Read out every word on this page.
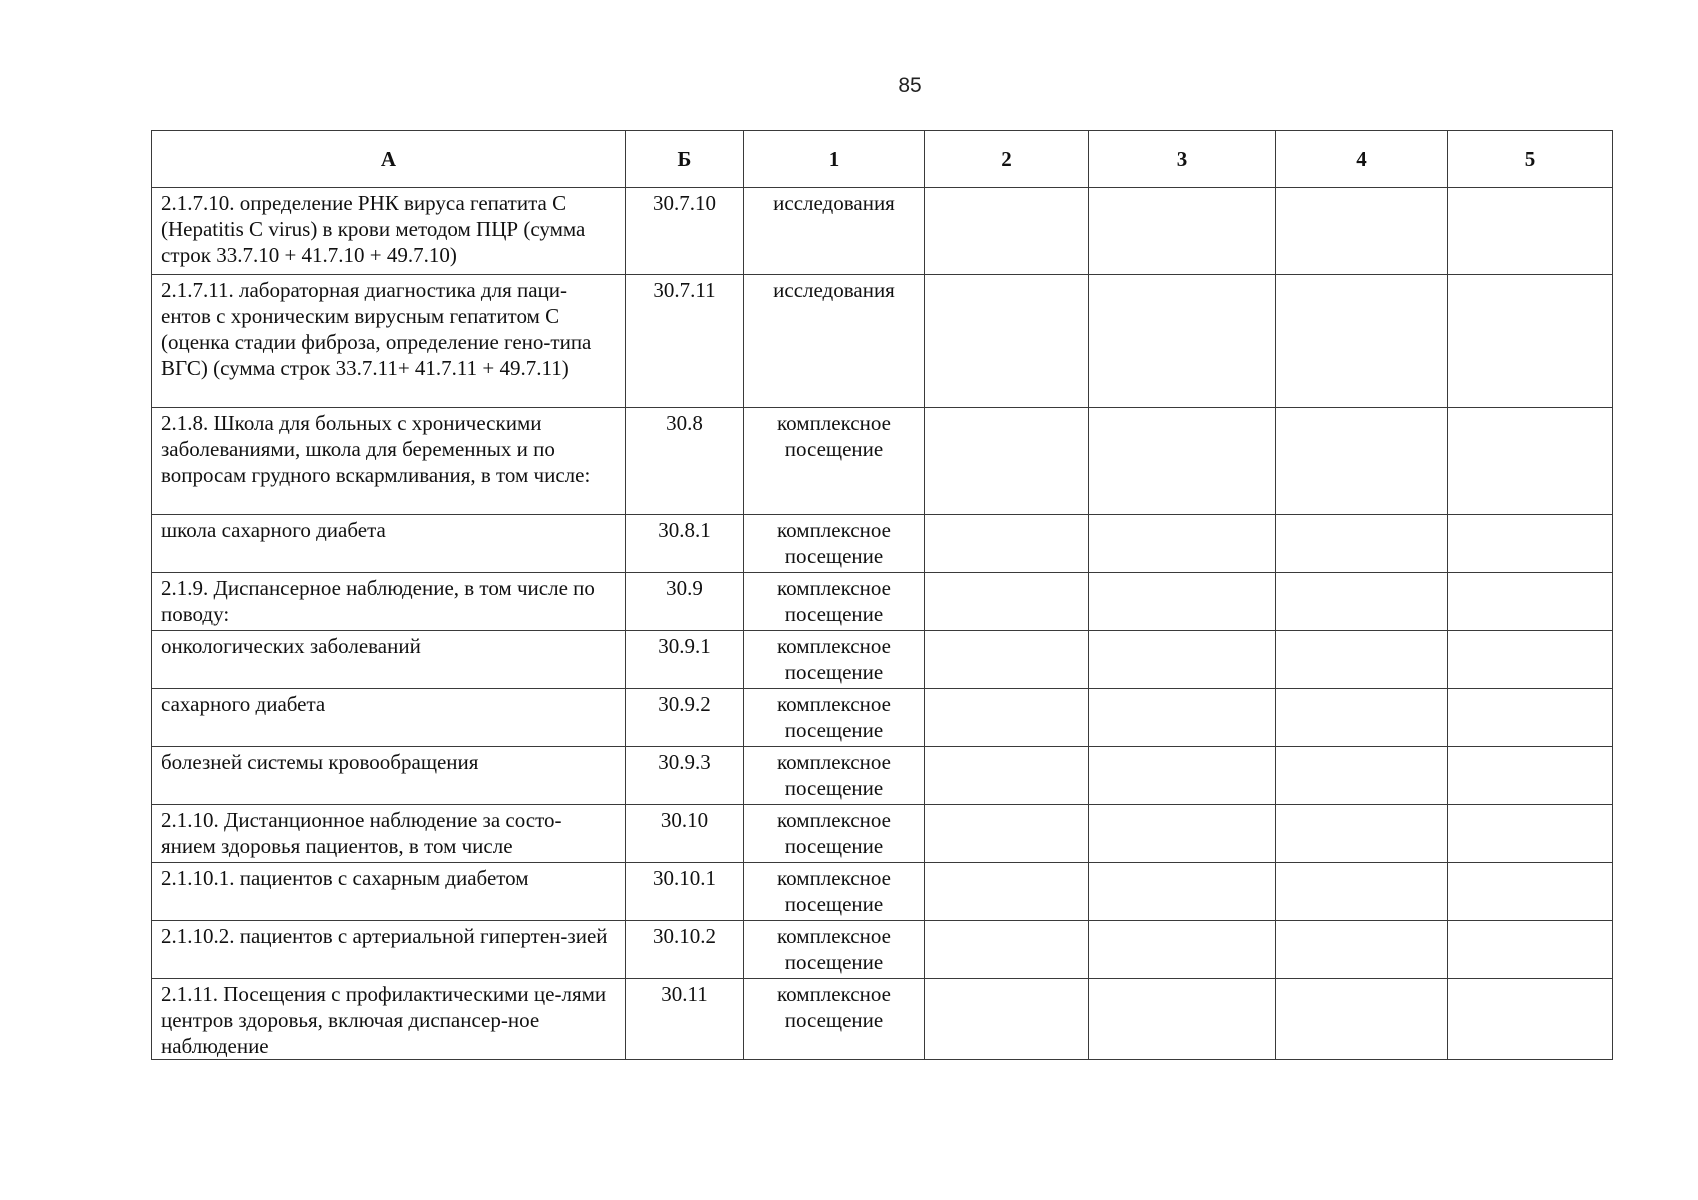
85
А	Б	1	2	3	4	5
2.1.7.10. определение РНК вируса гепатита С (Hepatitis C virus) в крови методом ПЦР (сумма строк 33.7.10 + 41.7.10 + 49.7.10)	30.7.10	исследования				
2.1.7.11. лабораторная диагностика для паци-ентов с хроническим вирусным гепатитом С (оценка стадии фиброза, определение гено-типа ВГС) (сумма строк 33.7.11+ 41.7.11 + 49.7.11)	30.7.11	исследования				
2.1.8. Школа для больных с хроническими заболеваниями, школа для беременных и по вопросам грудного вскармливания, в том числе:	30.8	комплексное посещение				
школа сахарного диабета	30.8.1	комплексное посещение				
2.1.9. Диспансерное наблюдение, в том числе по поводу:	30.9	комплексное посещение				
онкологических заболеваний	30.9.1	комплексное посещение				
сахарного диабета	30.9.2	комплексное посещение				
болезней системы кровообращения	30.9.3	комплексное посещение				
2.1.10. Дистанционное наблюдение за состо-янием здоровья пациентов, в том числе	30.10	комплексное посещение				
2.1.10.1. пациентов с сахарным диабетом	30.10.1	комплексное посещение				
2.1.10.2. пациентов с артериальной гипертен-зией	30.10.2	комплексное посещение				
2.1.11. Посещения с профилактическими це-лями центров здоровья, включая диспансер-ное наблюдение	30.11	комплексное посещение				
